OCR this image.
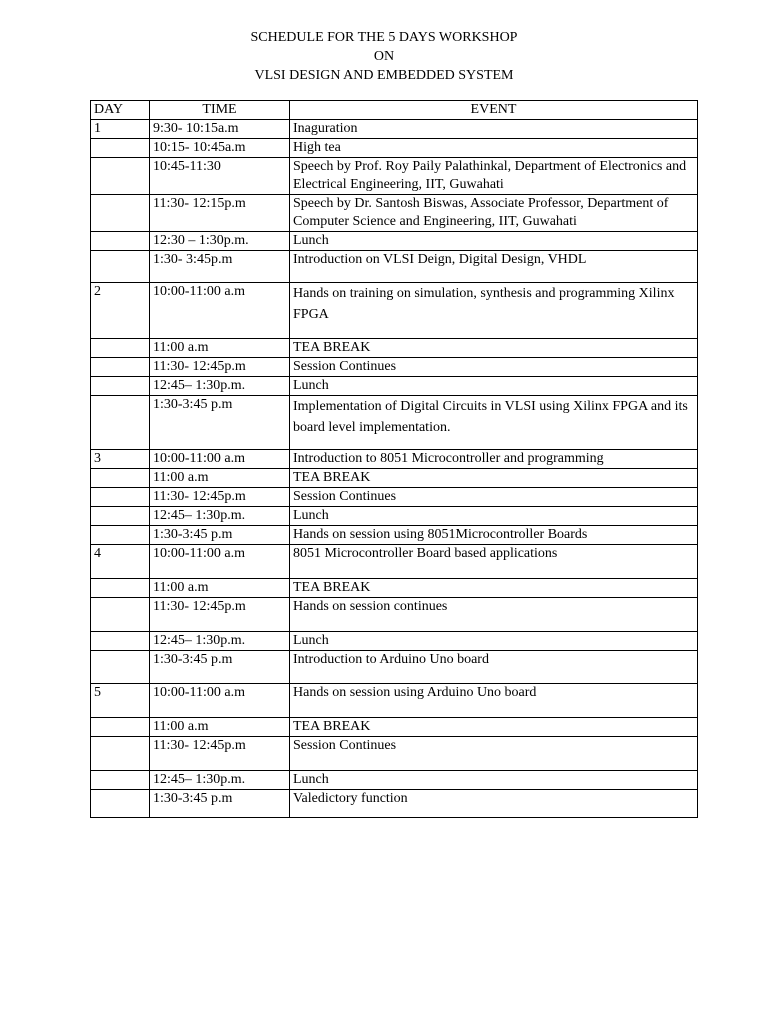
SCHEDULE FOR THE 5 DAYS WORKSHOP
ON
VLSI DESIGN AND EMBEDDED SYSTEM
DAY	TIME	EVENT
1	9:30- 10:15a.m	Inaguration
	10:15- 10:45a.m	High tea
	10:45-11:30	Speech by Prof. Roy Paily Palathinkal, Department of Electronics and Electrical Engineering, IIT, Guwahati
	11:30- 12:15p.m	Speech by Dr. Santosh Biswas, Associate Professor, Department of Computer Science and Engineering, IIT, Guwahati
	12:30 – 1:30p.m.	Lunch
	1:30- 3:45p.m	Introduction on VLSI Deign, Digital Design, VHDL
2	10:00-11:00 a.m	Hands on training on simulation, synthesis and programming Xilinx FPGA
	11:00 a.m	TEA BREAK
	11:30- 12:45p.m	Session Continues
	12:45– 1:30p.m.	Lunch
	1:30-3:45 p.m	Implementation of Digital Circuits in VLSI using Xilinx FPGA and its board level implementation.
3	10:00-11:00 a.m	Introduction to 8051 Microcontroller and programming
	11:00 a.m	TEA BREAK
	11:30- 12:45p.m	Session Continues
	12:45– 1:30p.m.	Lunch
	1:30-3:45 p.m	Hands on session using 8051Microcontroller Boards
4	10:00-11:00 a.m	8051 Microcontroller Board based applications
	11:00 a.m	TEA BREAK
	11:30- 12:45p.m	Hands on session continues
	12:45– 1:30p.m.	Lunch
	1:30-3:45 p.m	Introduction to Arduino Uno board
5	10:00-11:00 a.m	Hands on session using Arduino Uno board
	11:00 a.m	TEA BREAK
	11:30- 12:45p.m	Session Continues
	12:45– 1:30p.m.	Lunch
	1:30-3:45 p.m	Valedictory function
